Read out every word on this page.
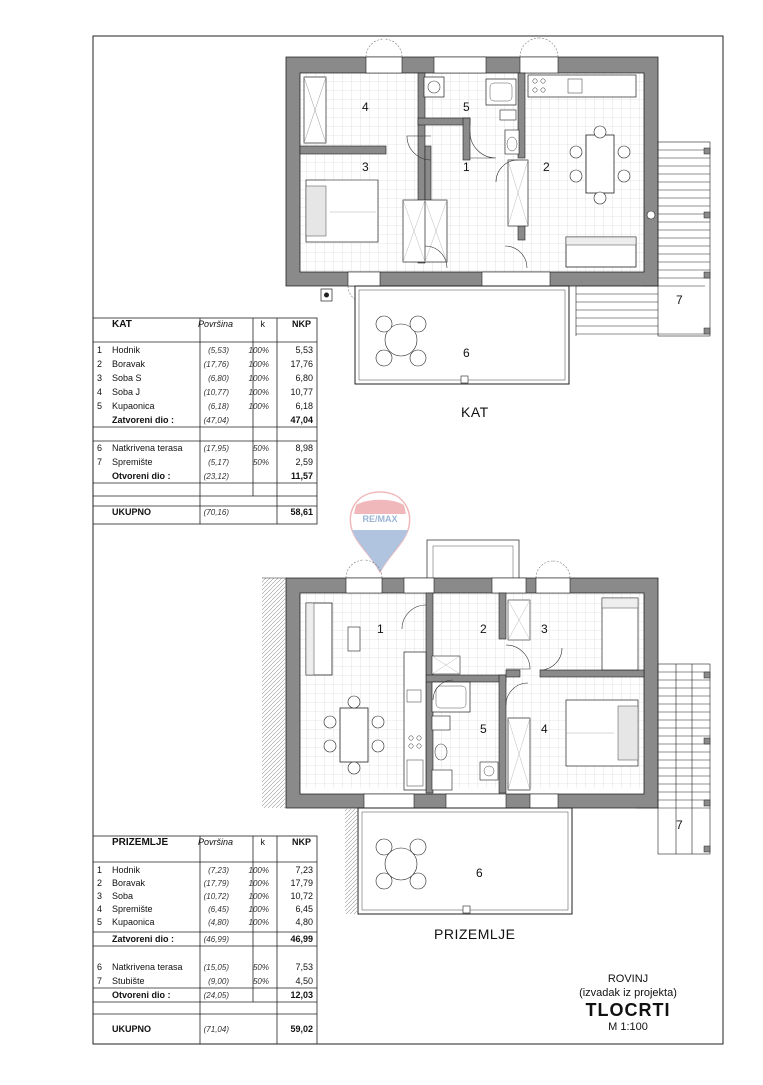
1	2
3
4	5
6
7
1	2	3
4
5
6
7
KAT
PRIZEMLJE
KAT	Površina	k	NKP
1 Hodnik	(5,53) 100%	5,53
2 Boravak	(17,76) 100% 17,76
3 Soba S	(6,80) 100%	6,80
4 Soba J	(10,77) 100% 10,77
5 Kupaonica	(6,18) 100%	6,18
Zatvoreni dio :	(47,04)	47,04
6 Natkrivena terasa	(17,95)	50%	8,98
7 Spremište	(5,17)	50%	2,59
Otvoreni dio :	(23,12)	11,57
UKUPNO	(70,16)	58,61
PRIZEMLJE	Površina	k	NKP
1 Hodnik	(7,23) 100%	7,23
2 Boravak	(17,79) 100% 17,79
3 Soba	(10,72) 100% 10,72
4 Spremište	(6,45) 100%	6,45
5 Kupaonica	(4,80) 100%	4,80
Zatvoreni dio :	(46,99)	46,99
6 Natkrivena terasa	(15,05)	50%	7,53
7 Stubište	(9,00)	50%	4,50
Otvoreni dio :	(24,05)	12,03
UKUPNO	(71,04)	59,02
ROVINJ
(izvadak iz projekta)
TLOCRTI
M 1:100
RE/MAX
